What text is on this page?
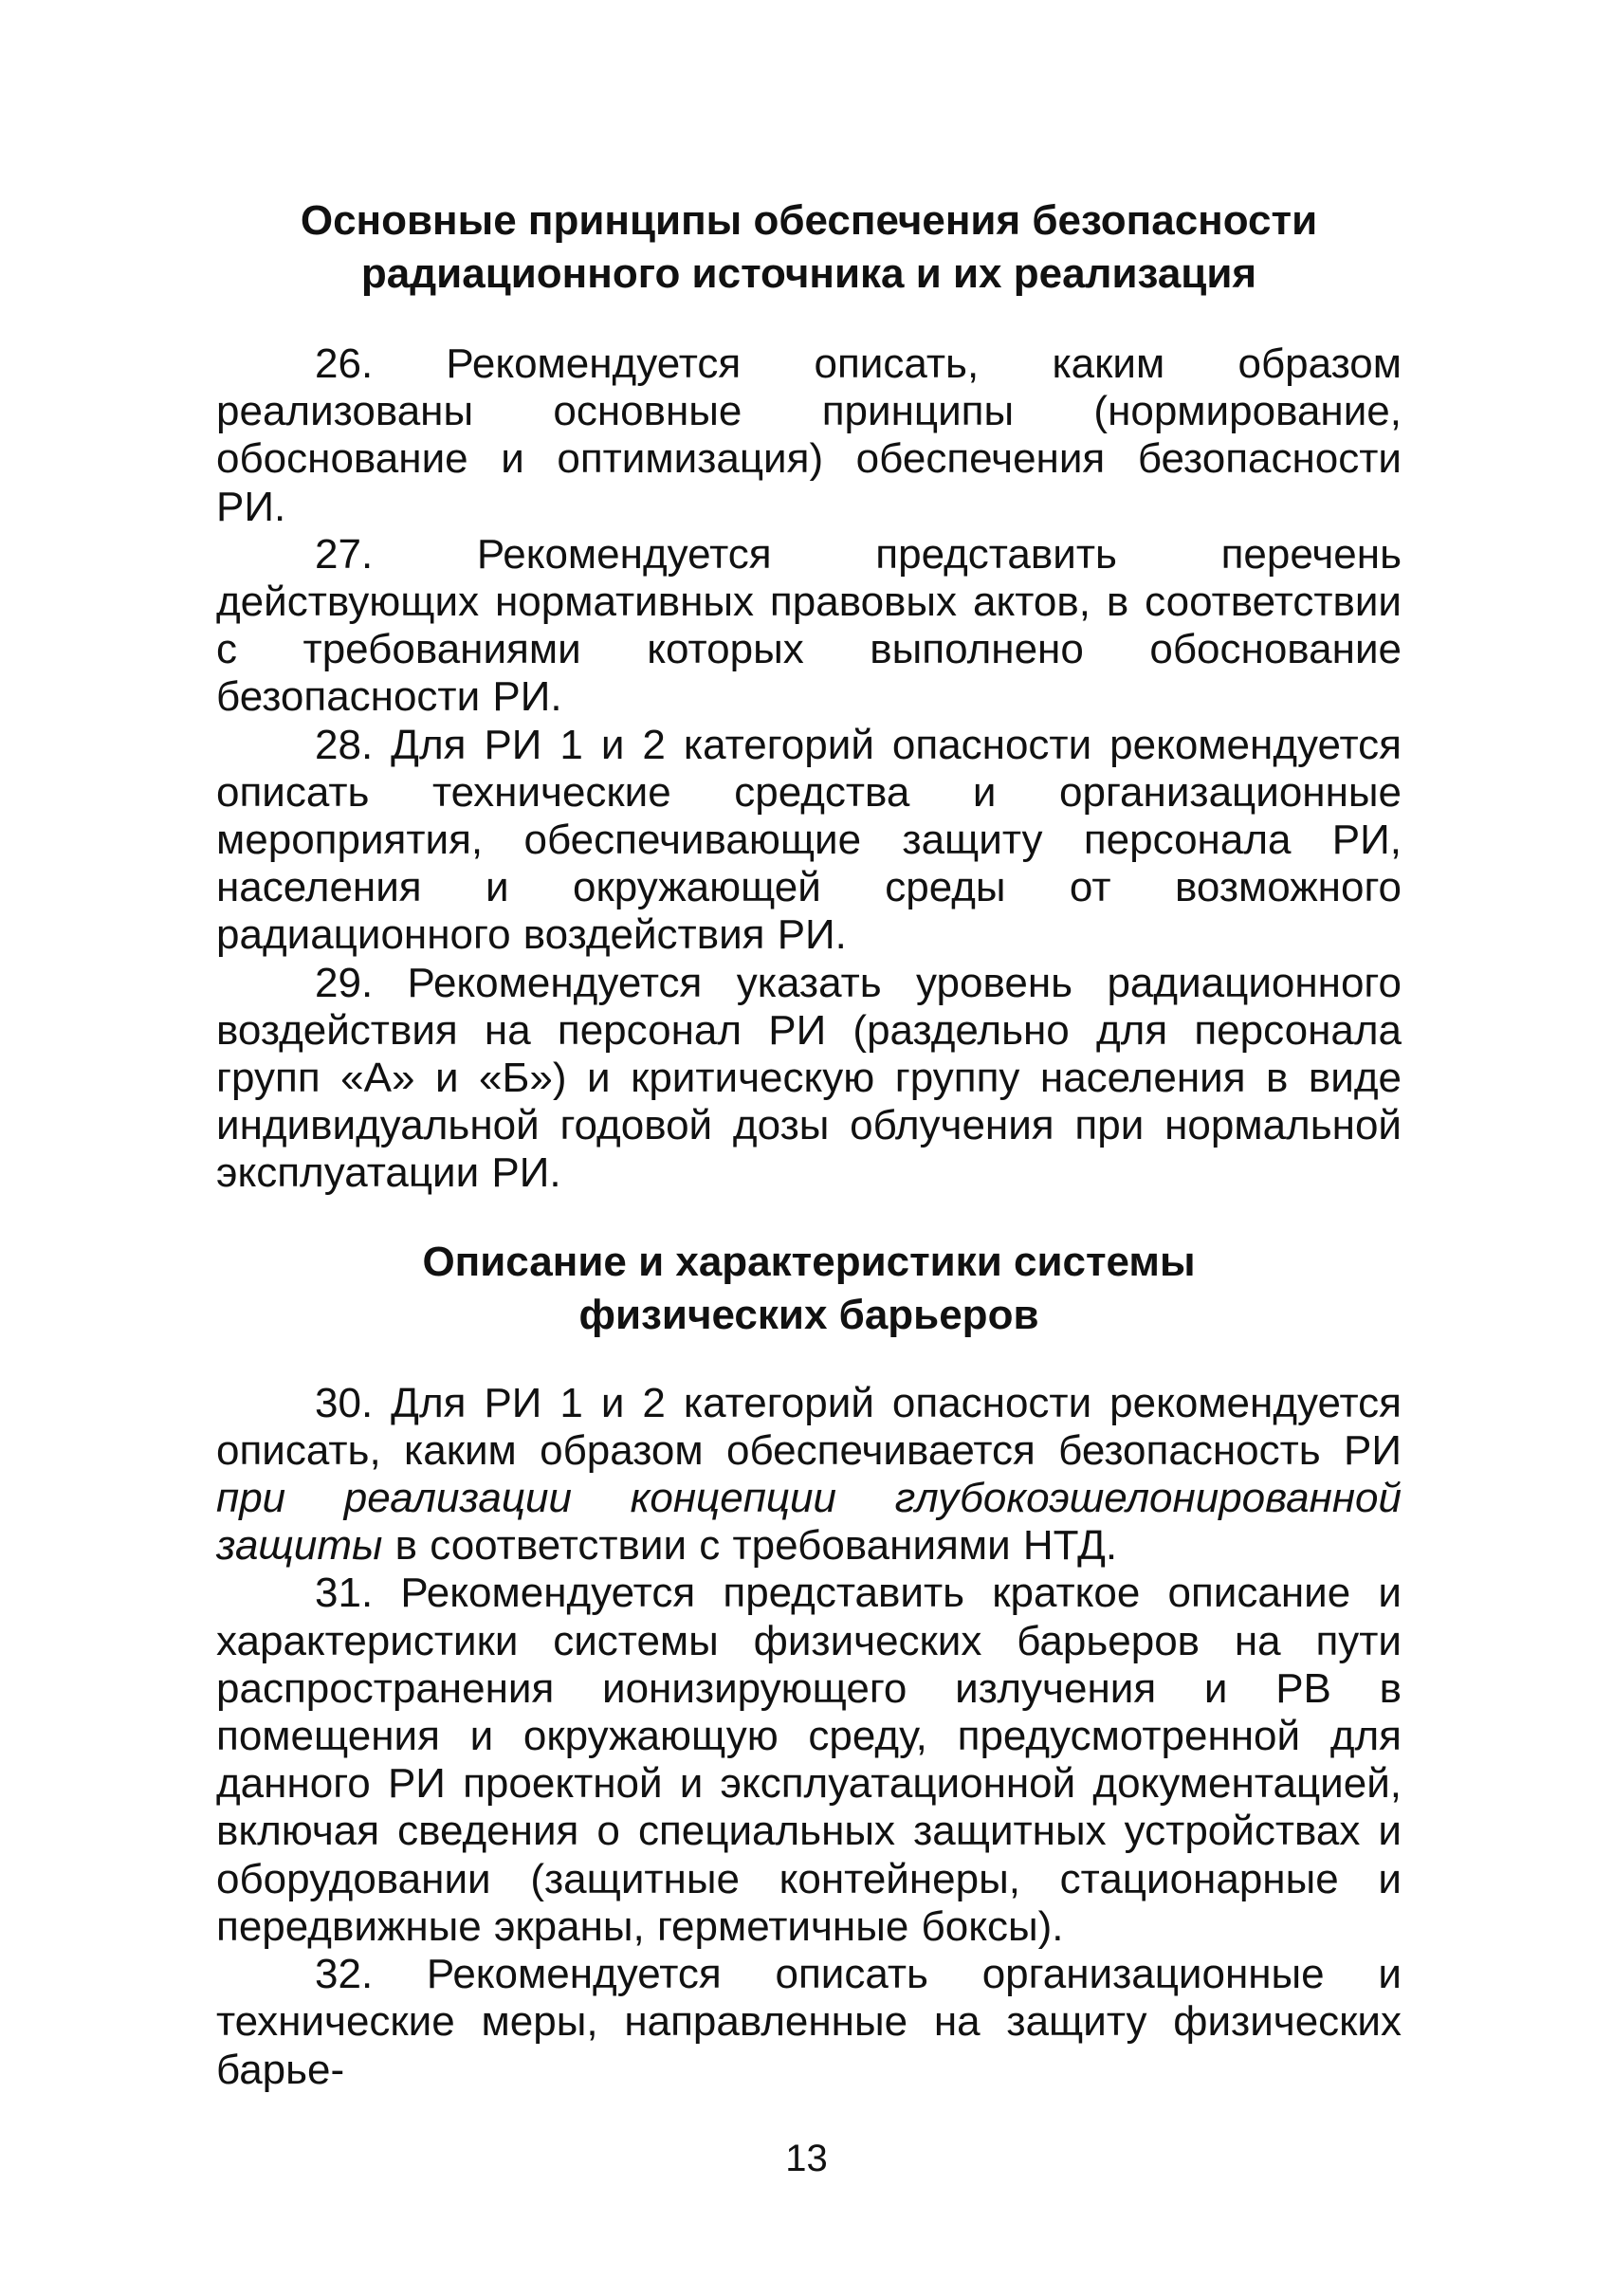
Основные принципы обеспечения безопасности
радиационного источника и их реализация

26. Рекомендуется описать, каким образом реализованы основные принципы (нормирование, обоснование и оптимизация) обеспечения безопасности РИ.

27. Рекомендуется представить перечень действующих нормативных правовых актов, в соответствии с требованиями которых выполнено обоснование безопасности РИ.

28. Для РИ 1 и 2 категорий опасности рекомендуется описать технические средства и организационные мероприятия, обеспечивающие защиту персонала РИ, населения и окружающей среды от возможного радиационного воздействия РИ.

29. Рекомендуется указать уровень радиационного воздействия на персонал РИ (раздельно для персонала групп «А» и «Б») и критическую группу населения в виде индивидуальной годовой дозы облучения при нормальной эксплуатации РИ.

Описание и характеристики системы
физических барьеров

30. Для РИ 1 и 2 категорий опасности рекомендуется описать, каким образом обеспечивается безопасность РИ при реализации концепции глубокоэшелонированной защиты в соответствии с требованиями НТД.

31. Рекомендуется представить краткое описание и характеристики системы физических барьеров на пути распространения ионизирующего излучения и РВ в помещения и окружающую среду, предусмотренной для данного РИ проектной и эксплуатационной документацией, включая сведения о специальных защитных устройствах и оборудовании (защитные контейнеры, стационарные и передвижные экраны, герметичные боксы).

32. Рекомендуется описать организационные и технические меры, направленные на защиту физических барье-

13
